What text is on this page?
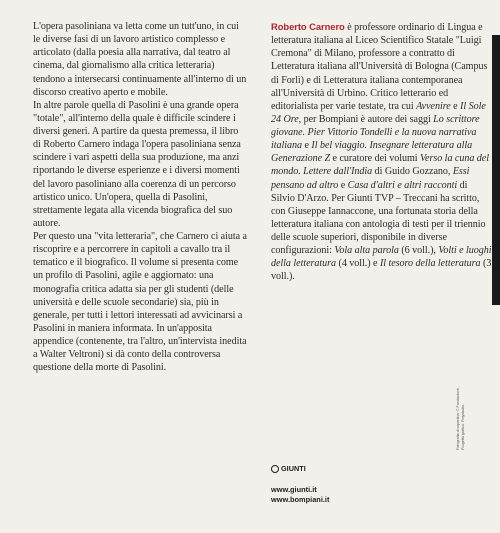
L'opera pasoliniana va letta come un tutt'uno, in cui le diverse fasi di un lavoro artistico complesso e articolato (dalla poesia alla narrativa, dal teatro al cinema, dal giornalismo alla critica letteraria) tendono a intersecarsi continuamente all'interno di un discorso creativo aperto e mobile.

In altre parole quella di Pasolini è una grande opera "totale", all'interno della quale è difficile scindere i diversi generi. A partire da questa premessa, il libro di Roberto Carnero indaga l'opera pasoliniana senza scindere i vari aspetti della sua produzione, ma anzi riportando le diverse esperienze e i diversi momenti del lavoro pasoliniano alla coerenza di un percorso artistico unico. Un'opera, quella di Pasolini, strettamente legata alla vicenda biografica del suo autore.

Per questo una "vita letteraria", che Carnero ci aiuta a riscoprire e a percorrere in capitoli a cavallo tra il tematico e il biografico. Il volume si presenta come un profilo di Pasolini, agile e aggiornato: una monografia critica adatta sia per gli studenti (delle università e delle scuole secondarie) sia, più in generale, per tutti i lettori interessati ad avvicinarsi a Pasolini in maniera informata. In un'apposita appendice (contenente, tra l'altro, un'intervista inedita a Walter Veltroni) si dà conto della controversa questione della morte di Pasolini.

Roberto Carnero è professore ordinario di Lingua e letteratura italiana al Liceo Scientifico Statale "Luigi Cremona" di Milano, professore a contratto di Letteratura italiana all'Università di Bologna (Campus di Forlì) e di Letteratura italiana contemporanea all'Università di Urbino. Critico letterario ed editorialista per varie testate, tra cui Avvenire e Il Sole 24 Ore, per Bompiani è autore dei saggi Lo scrittore giovane. Pier Vittorio Tondelli e la nuova narrativa italiana e Il bel viaggio. Insegnare letteratura alla Generazione Z e curatore dei volumi Verso la cuna del mondo. Lettere dall'India di Guido Gozzano, Essi pensano ad altro e Casa d'altri e altri racconti di Silvio D'Arzo. Per Giunti TVP – Treccani ha scritto, con Giuseppe Iannaccone, una fortunata storia della letteratura italiana con antologia di testi per il triennio delle scuole superiori, disponibile in diverse configurazioni: Vola alta parola (6 voll.), Volti e luoghi della letteratura (4 voll.) e Il tesoro della letteratura (3 voll.).

GIUNTI
www.giunti.it
www.bompiani.it
Fotografia di copertina: © Fondazione... Progetto grafico: Polystudio.
